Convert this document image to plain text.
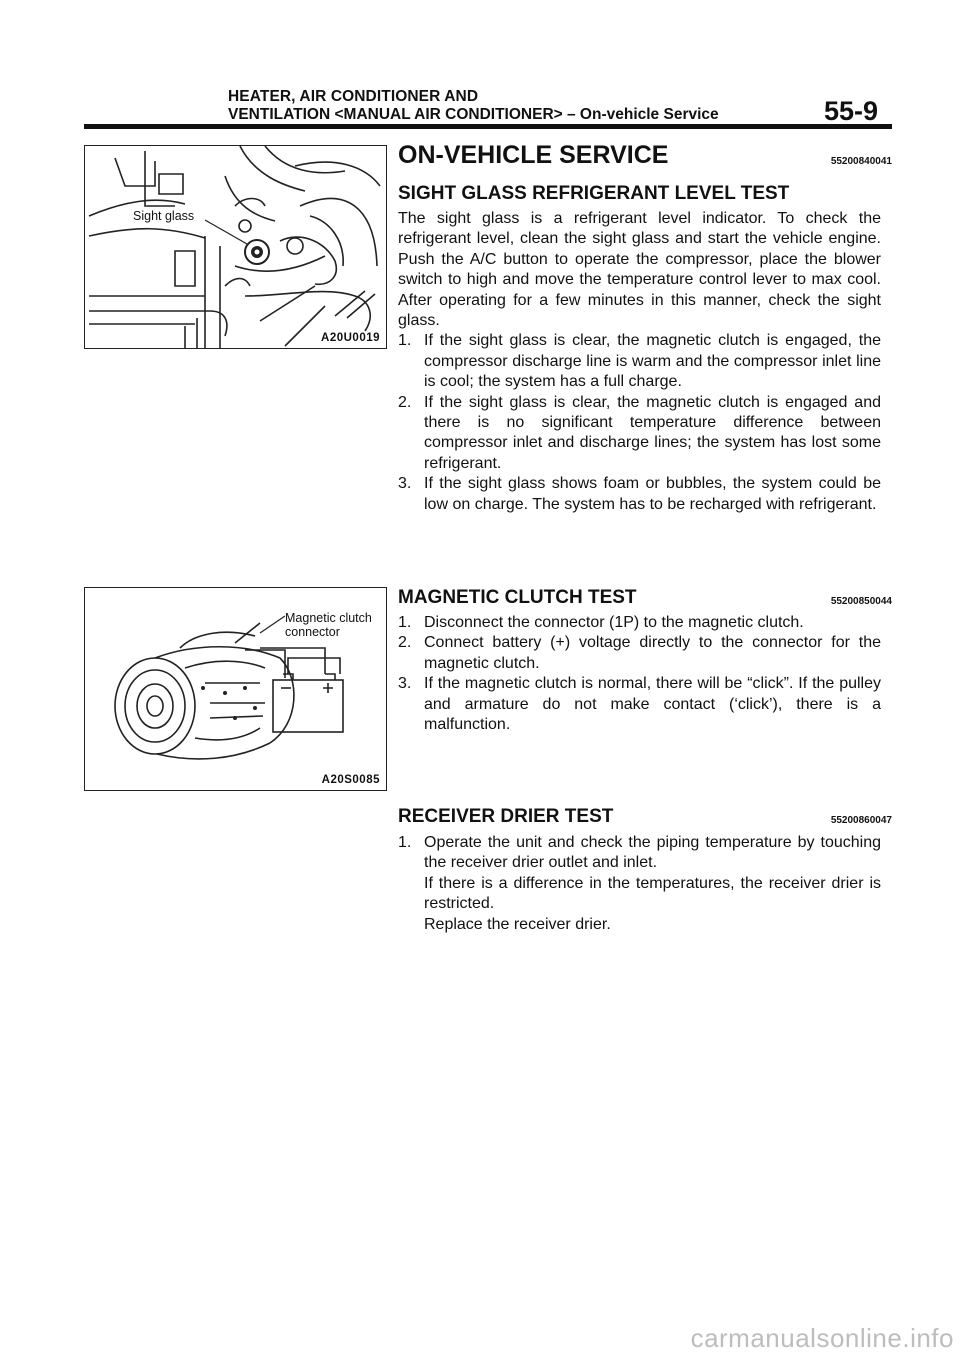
HEATER, AIR CONDITIONER AND
VENTILATION <MANUAL AIR CONDITIONER> – On-vehicle Service	55-9
Sight glass
A20U0019
Magnetic clutch
connector
A20S0085
ON-VEHICLE SERVICE	55200840041
SIGHT GLASS REFRIGERANT LEVEL TEST

The sight glass is a refrigerant level indicator. To check the refrigerant level, clean the sight glass and start the vehicle engine. Push the A/C button to operate the compressor, place the blower switch to high and move the temperature control lever to max cool. After operating for a few minutes in this manner, check the sight glass.

1. If the sight glass is clear, the magnetic clutch is engaged, the compressor discharge line is warm and the compressor inlet line is cool; the system has a full charge.
2. If the sight glass is clear, the magnetic clutch is engaged and there is no significant temperature difference between compressor inlet and discharge lines; the system has lost some refrigerant.
3. If the sight glass shows foam or bubbles, the system could be low on charge. The system has to be recharged with refrigerant.
MAGNETIC CLUTCH TEST	55200850044
1. Disconnect the connector (1P) to the magnetic clutch.
2. Connect battery (+) voltage directly to the connector for the magnetic clutch.
3. If the magnetic clutch is normal, there will be “click”. If the pulley and armature do not make contact (‘click’), there is a malfunction.
RECEIVER DRIER TEST	55200860047
1. Operate the unit and check the piping temperature by touching the receiver drier outlet and inlet.

If there is a difference in the temperatures, the receiver drier is restricted.

Replace the receiver drier.

carmanualsonline.info
